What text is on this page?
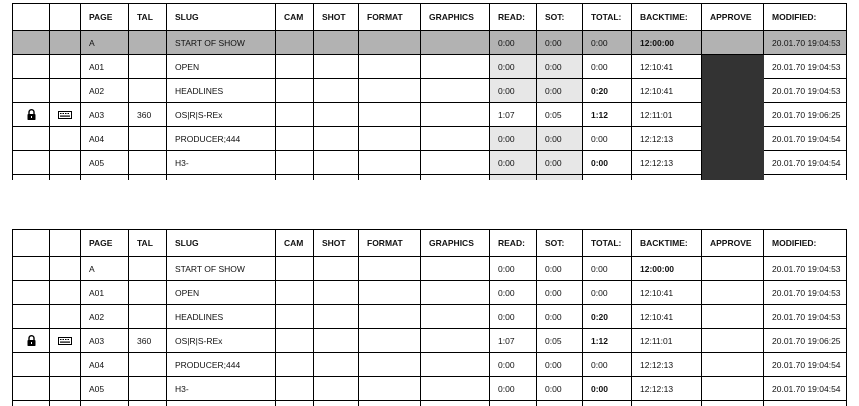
		PAGE	TAL	SLUG	CAM	SHOT	FORMAT	GRAPHICS	READ:	SOT:	TOTAL:	BACKTIME:	APPROVE	MODIFIED:
		A		START OF SHOW					0:00	0:00	0:00	12:00:00		20.01.70 19:04:53
		A01		OPEN					0:00	0:00	0:00	12:10:41		20.01.70 19:04:53
		A02		HEADLINES					0:00	0:00	0:20	12:10:41		20.01.70 19:04:53
		A03	360	OS|R|S-REx					1:07	0:05	1:12	12:11:01		20.01.70 19:06:25
		A04		PRODUCER;444					0:00	0:00	0:00	12:12:13		20.01.70 19:04:54
		A05		H3-					0:00	0:00	0:00	12:12:13		20.01.70 19:04:54

		PAGE	TAL	SLUG	CAM	SHOT	FORMAT	GRAPHICS	READ:	SOT:	TOTAL:	BACKTIME:	APPROVE	MODIFIED:
		A		START OF SHOW					0:00	0:00	0:00	12:00:00		20.01.70 19:04:53
		A01		OPEN					0:00	0:00	0:00	12:10:41		20.01.70 19:04:53
		A02		HEADLINES					0:00	0:00	0:20	12:10:41		20.01.70 19:04:53
		A03	360	OS|R|S-REx					1:07	0:05	1:12	12:11:01		20.01.70 19:06:25
		A04		PRODUCER;444					0:00	0:00	0:00	12:12:13		20.01.70 19:04:54
		A05		H3-					0:00	0:00	0:00	12:12:13		20.01.70 19:04:54
